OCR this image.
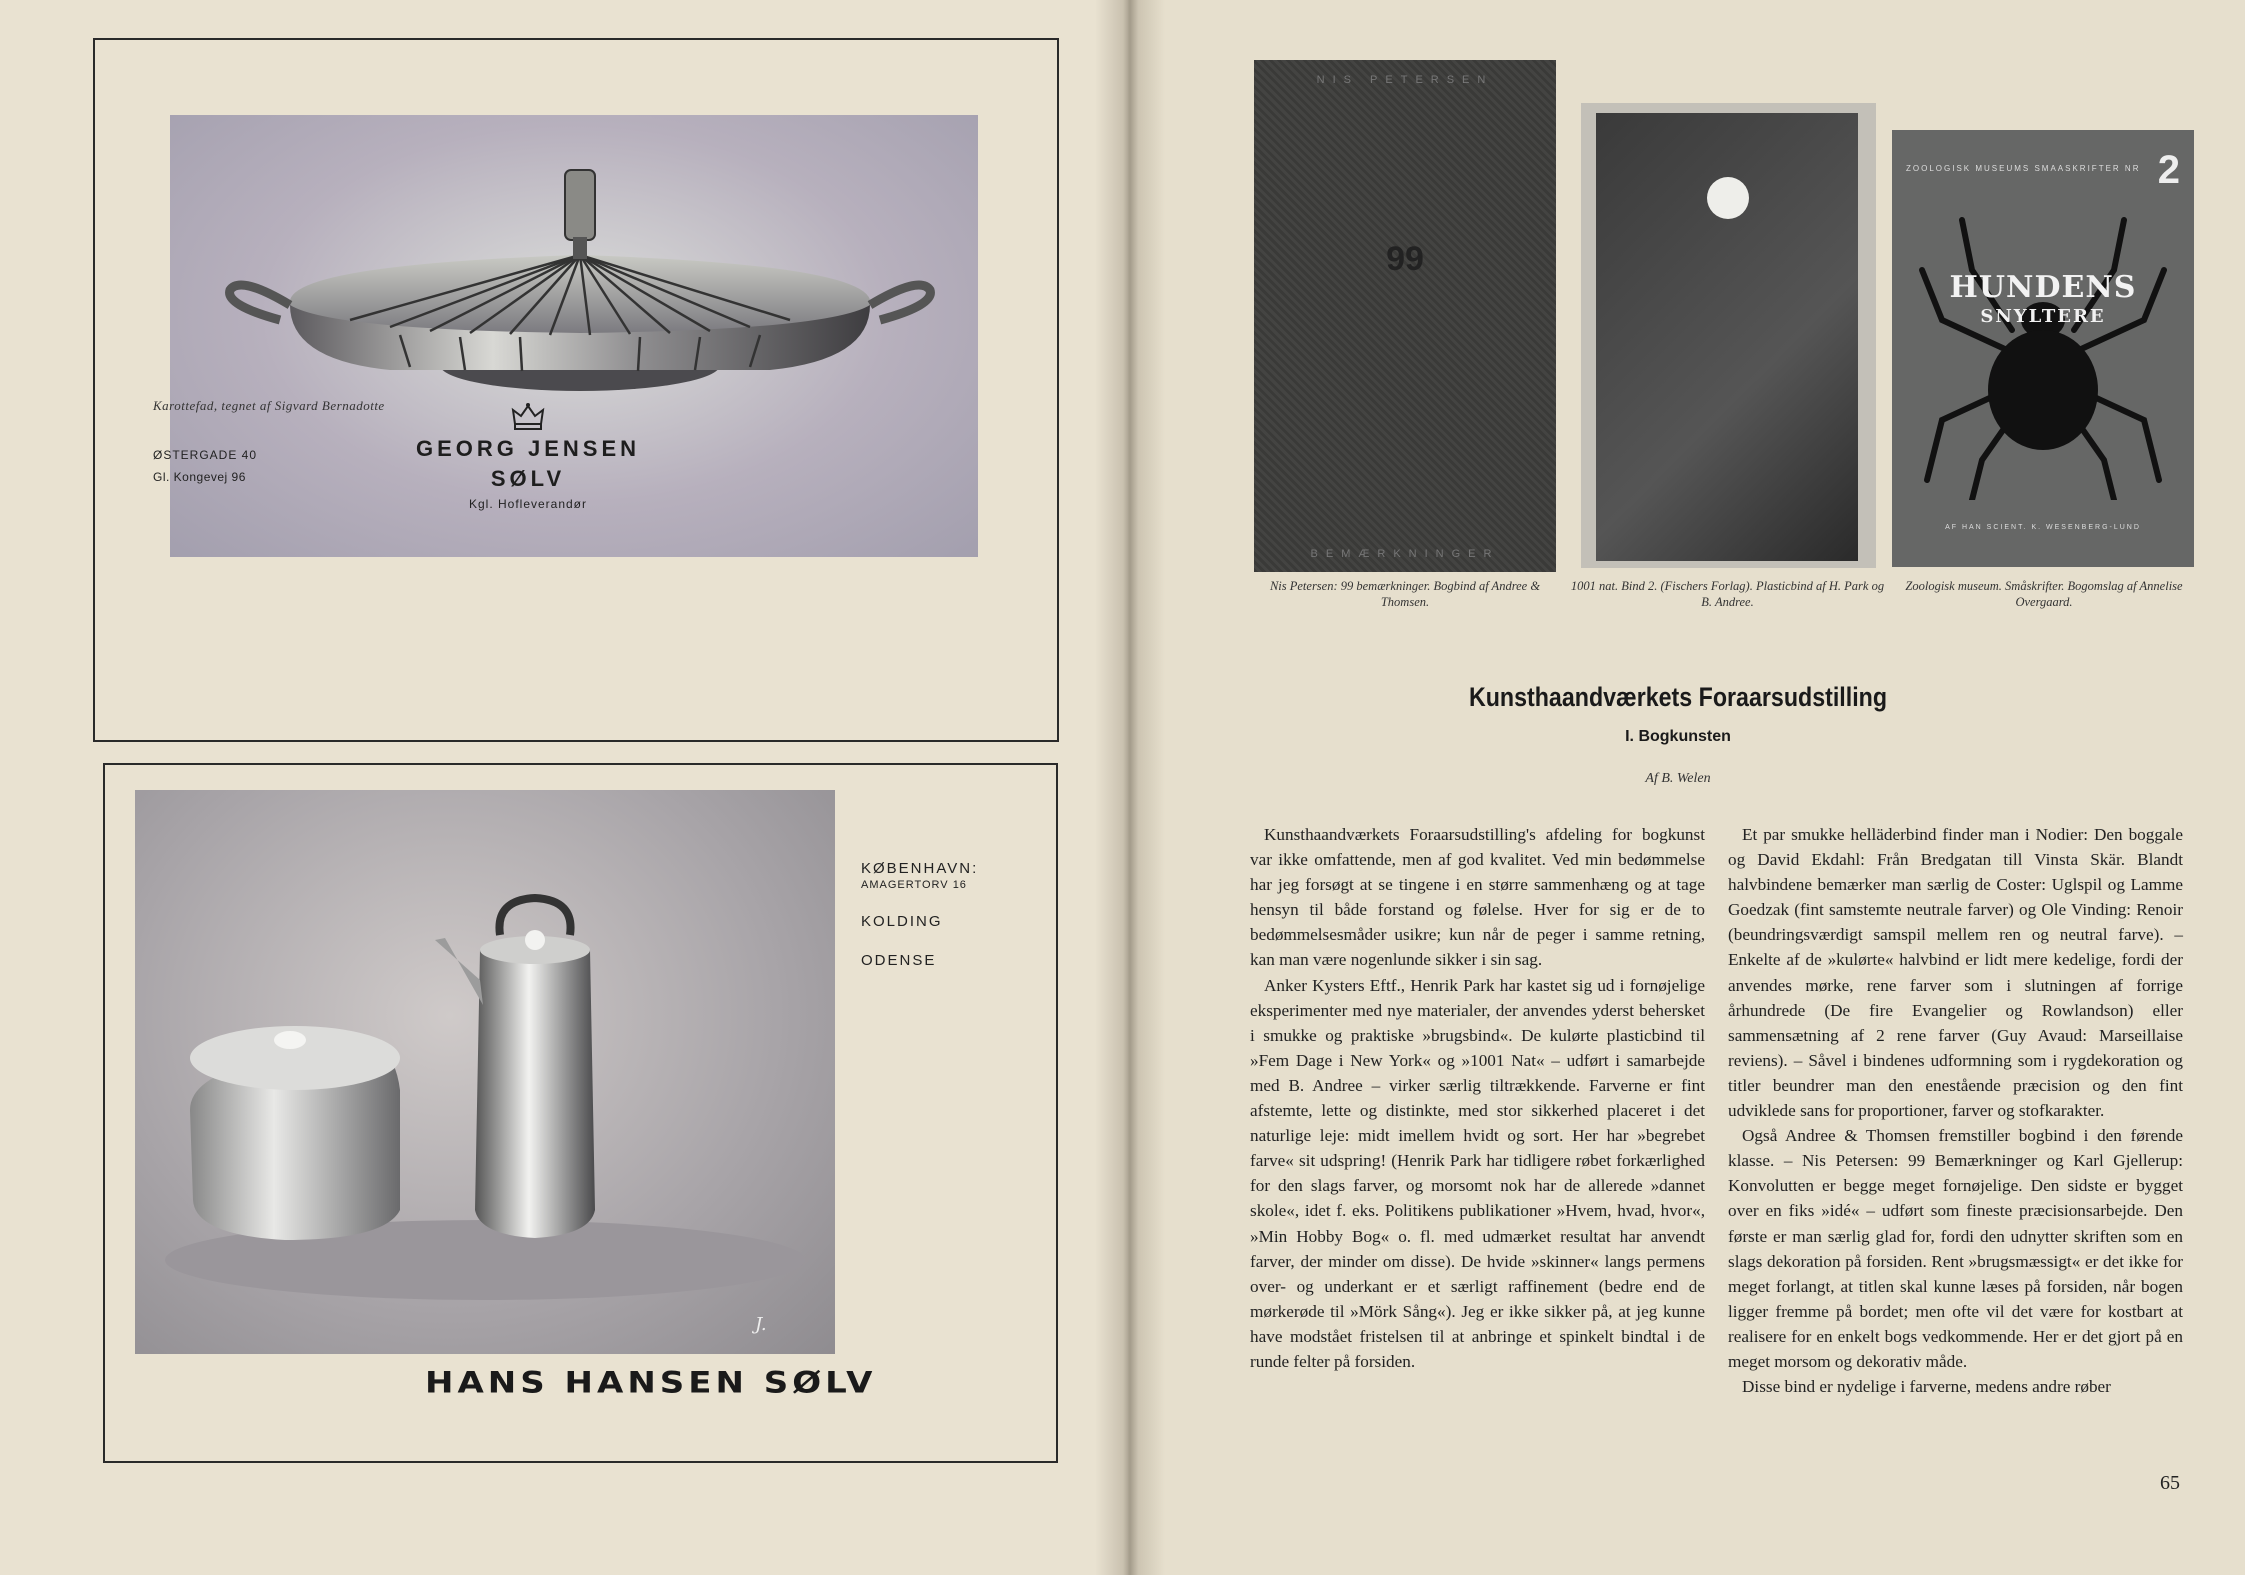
Karottefad, tegnet af Sigvard Bernadotte
ØSTERGADE 40
Gl. Kongevej 96
GEORG JENSEN
SØLV
Kgl. Hofleverandør
J.
KØBENHAVN:
AMAGERTORV 16
KOLDING
ODENSE
HANS HANSEN SØLV
NIS PETERSEN
99
BEMÆRKNINGER
ZOOLOGISK MUSEUMS SMAASKRIFTER NR 2
HUNDENS
SNYLTERE
AF HAN SCIENT. K. WESENBERG-LUND
Nis Petersen: 99 bemærkninger. Bogbind af Andree & Thomsen.
1001 nat. Bind 2. (Fischers Forlag). Plasticbind af H. Park og B. Andree.
Zoologisk museum. Småskrifter. Bogomslag af Annelise Overgaard.
Kunsthaandværkets Foraarsudstilling
I. Bogkunsten
Af B. Welen

Kunsthaandværkets Foraarsudstilling's afdeling for bogkunst var ikke omfattende, men af god kvalitet. Ved min bedømmelse har jeg forsøgt at se tingene i en større sammenhæng og at tage hensyn til både forstand og følelse. Hver for sig er de to bedømmelsesmåder usikre; kun når de peger i samme retning, kan man være nogenlunde sikker i sin sag.

Anker Kysters Eftf., Henrik Park har kastet sig ud i fornøjelige eksperimenter med nye materialer, der anvendes yderst behersket i smukke og praktiske »brugsbind«. De kulørte plasticbind til »Fem Dage i New York« og »1001 Nat« – udført i samarbejde med B. Andree – virker særlig tiltrækkende. Farverne er fint afstemte, lette og distinkte, med stor sikkerhed placeret i det naturlige leje: midt imellem hvidt og sort. Her har »begrebet farve« sit udspring! (Henrik Park har tidligere røbet forkærlighed for den slags farver, og morsomt nok har de allerede »dannet skole«, idet f. eks. Politikens publikationer »Hvem, hvad, hvor«, »Min Hobby Bog« o. fl. med udmærket resultat har anvendt farver, der minder om disse). De hvide »skinner« langs permens over- og underkant er et særligt raffinement (bedre end de mørkerøde til »Mörk Sång«). Jeg er ikke sikker på, at jeg kunne have modstået fristelsen til at anbringe et spinkelt bindtal i de runde felter på forsiden.

Et par smukke helläderbind finder man i Nodier: Den boggale og David Ekdahl: Från Bredgatan till Vinsta Skär. Blandt halvbindene bemærker man særlig de Coster: Uglspil og Lamme Goedzak (fint samstemte neutrale farver) og Ole Vinding: Renoir (beundringsværdigt samspil mellem ren og neutral farve). – Enkelte af de »kulørte« halvbind er lidt mere kedelige, fordi der anvendes mørke, rene farver som i slutningen af forrige århundrede (De fire Evangelier og Rowlandson) eller sammensætning af 2 rene farver (Guy Avaud: Marseillaise reviens). – Såvel i bindenes udformning som i rygdekoration og titler beundrer man den enestående præcision og den fint udviklede sans for proportioner, farver og stofkarakter.

Også Andree & Thomsen fremstiller bogbind i den førende klasse. – Nis Petersen: 99 Bemærkninger og Karl Gjellerup: Konvolutten er begge meget fornøjelige. Den sidste er bygget over en fiks »idé« – udført som fineste præcisionsarbejde. Den første er man særlig glad for, fordi den udnytter skriften som en slags dekoration på forsiden. Rent »brugsmæssigt« er det ikke for meget forlangt, at titlen skal kunne læses på forsiden, når bogen ligger fremme på bordet; men ofte vil det være for kostbart at realisere for en enkelt bogs vedkommende. Her er det gjort på en meget morsom og dekorativ måde.

Disse bind er nydelige i farverne, medens andre røber

65
